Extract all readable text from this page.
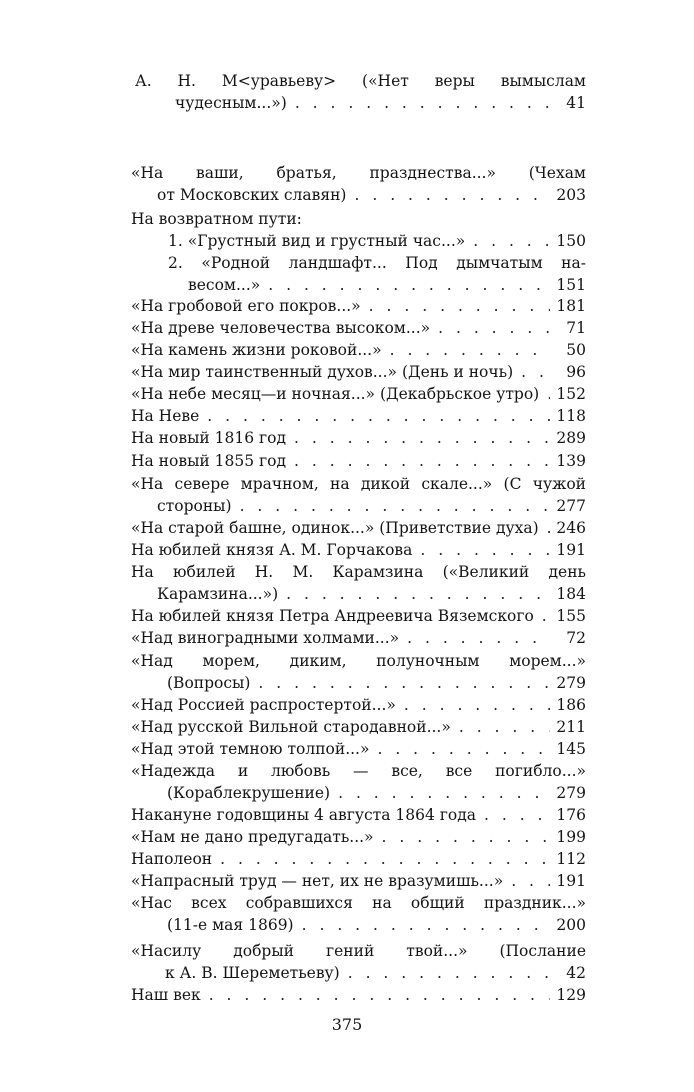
А. Н. М<уравьеву> («Нет веры вымыслам
чудесным...») . . .	41
«На ваши, братья, празднества...» (Чехам
от Московских славян) . . .	203
На возвратном пути:
1. «Грустный вид и грустный час...» . . .	150
2. «Родной ландшафт... Под дымчатым на-
весом...» . . .	151
«На гробовой его покров...» . . .	181
«На древе человечества высоком...» . . .	71
«На камень жизни роковой...» . . .	50
«На мир таинственный духов...» (День и ночь) . . .	96
«На небе месяц—и ночная...» (Декабрьское утро) . . . 152
На Неве . . .	118
На новый 1816 год . . .	289
На новый 1855 год . . .	139
«На севере мрачном, на дикой скале...» (С чужой
стороны) . . .	277
«На старой башне, одинок...» (Приветствие духа) . . . 246
На юбилей князя А. М. Горчакова . . .	191
На юбилей Н. М. Карамзина («Великий день
Карамзина...») . . .	184
На юбилей князя Петра Андреевича Вяземского . . . 155
«Над виноградными холмами...» . . .	72
«Над морем, диким, полуночным морем...»
(Вопросы) . . .	279
«Над Россией распростертой...» . . .	186
«Над русской Вильной стародавной...» . . .	211
«Над этой темною толпой...» . . .	145
«Надежда и любовь — все, все погибло...»
(Кораблекрушение) . . .	279
Накануне годовщины 4 августа 1864 года . . .	176
«Нам не дано предугадать...» . . .	199
Наполеон . . .	112
«Напрасный труд — нет, их не вразумишь...» . . .	191
«Нас всех собравшихся на общий праздник...»
(11-е мая 1869) . . .	200
«Насилу добрый гений твой...» (Послание
к А. В. Шереметьеву) . . .	42
Наш век . . .	129
375
